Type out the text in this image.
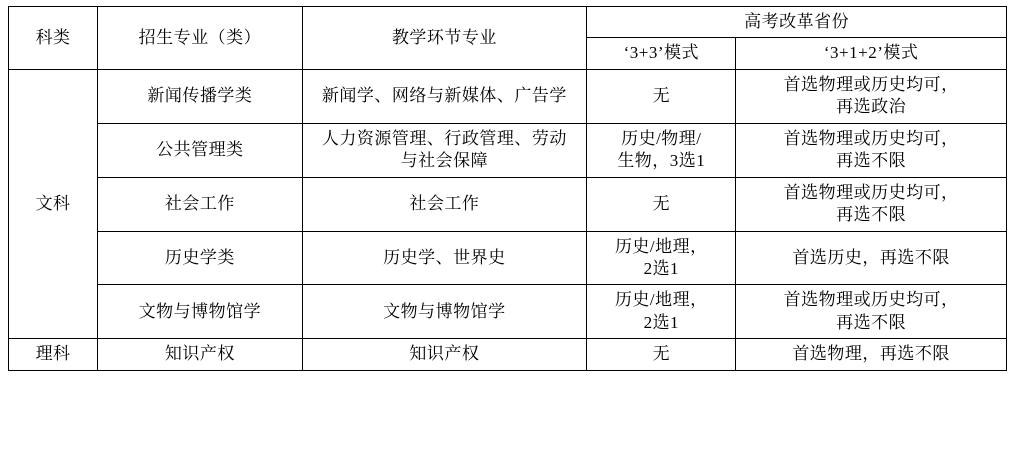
科类	招生专业（类）	教学环节专业	高考改革省份	
			‘3+3’模式	‘3+1+2’模式
文科	新闻传播学类	新闻学、网络与新媒体、广告学	无	首选物理或历史均可，
再选政治
	公共管理类	人力资源管理、行政管理、劳动
与社会保障	历史/物理/
生物，3选1	首选物理或历史均可，
再选不限
	社会工作	社会工作	无	首选物理或历史均可，
再选不限
	历史学类	历史学、世界史	历史/地理，
2选1	首选历史，再选不限
	文物与博物馆学	文物与博物馆学	历史/地理，
2选1	首选物理或历史均可，
再选不限
理科	知识产权	知识产权	无	首选物理，再选不限
